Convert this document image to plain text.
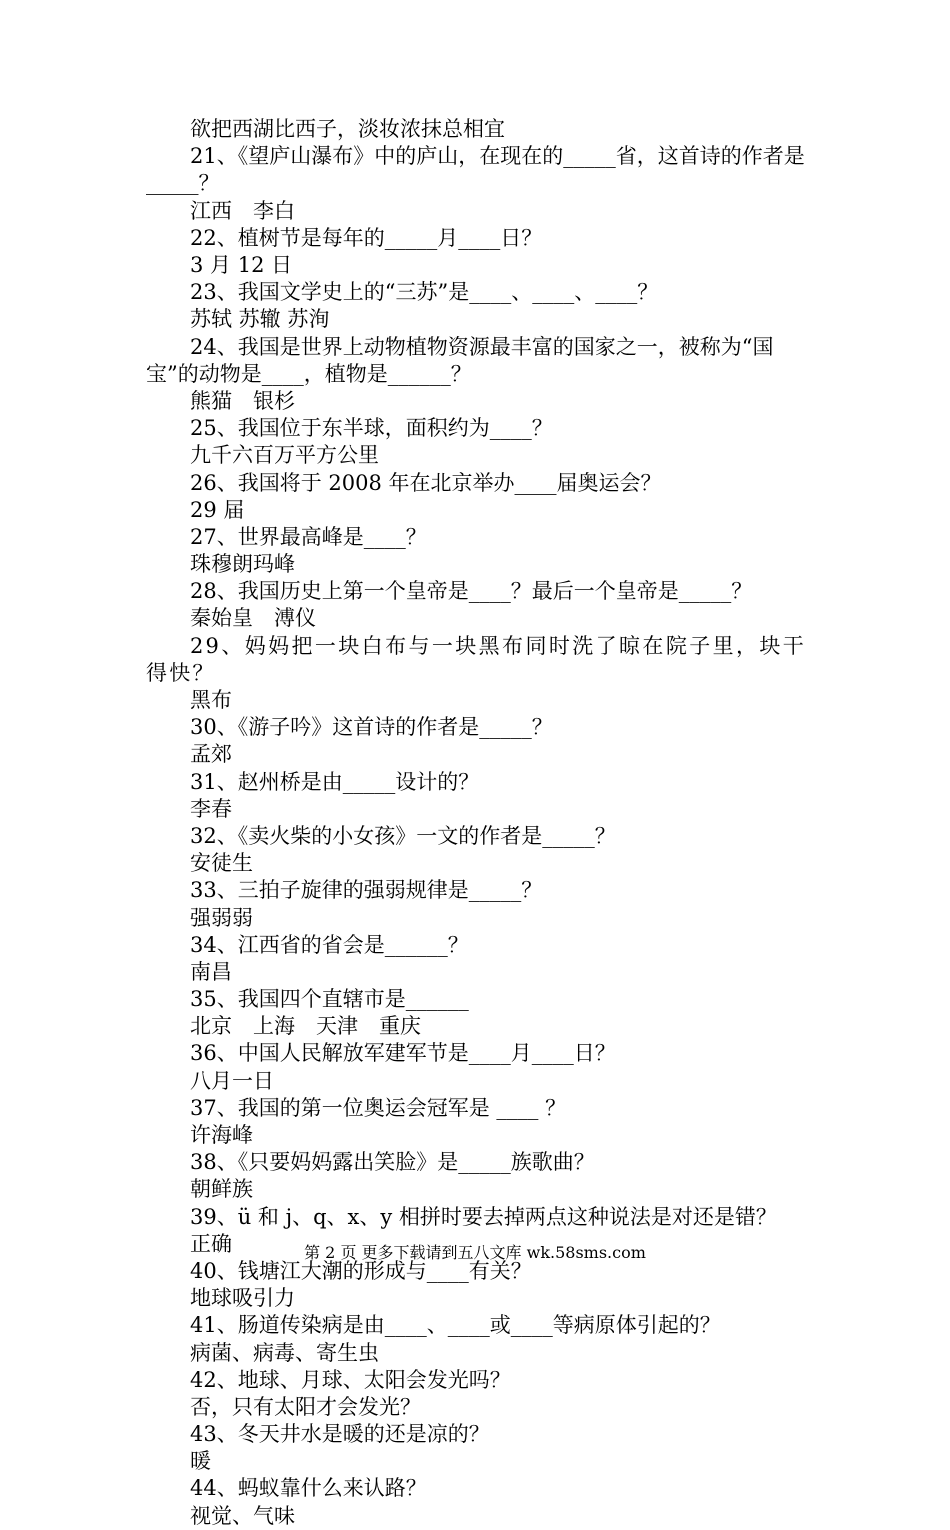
欲把西湖比西子，淡妆浓抹总相宜
21、《望庐山瀑布》中的庐山，在现在的_____省，这首诗的作者是_____？
江西　李白
22、植树节是每年的_____月____日？
3 月 12 日
23、我国文学史上的“三苏”是____、____、____？
苏轼 苏辙 苏洵
24、我国是世界上动物植物资源最丰富的国家之一，被称为“国宝”的动物是____，植物是______？
熊猫　银杉
25、我国位于东半球，面积约为____？
九千六百万平方公里
26、我国将于 2008 年在北京举办____届奥运会？
29 届
27、世界最高峰是____？
珠穆朗玛峰
28、我国历史上第一个皇帝是____？最后一个皇帝是_____？
秦始皇　溥仪
29、妈妈把一块白布与一块黑布同时洗了晾在院子里，块干得快？
黑布
30、《游子吟》这首诗的作者是_____？
孟郊
31、赵州桥是由_____设计的？
李春
32、《卖火柴的小女孩》一文的作者是_____？
安徒生
33、三拍子旋律的强弱规律是_____？
强弱弱
34、江西省的省会是______？
南昌
35、我国四个直辖市是______
北京　上海　天津　重庆
36、中国人民解放军建军节是____月____日？
八月一日
37、我国的第一位奥运会冠军是 ____ ？
许海峰
38、《只要妈妈露出笑脸》是_____族歌曲？
朝鲜族
39、ü 和 j、q、x、y 相拼时要去掉两点这种说法是对还是错？
正确
40、钱塘江大潮的形成与____有关？
地球吸引力
41、肠道传染病是由____、____或____等病原体引起的？
病菌、病毒、寄生虫
42、地球、月球、太阳会发光吗？
否，只有太阳才会发光？
43、冬天井水是暖的还是凉的？
暖
44、蚂蚁靠什么来认路？
视觉、气味
第 2 页 更多下载请到五八文库 wk.58sms.com
